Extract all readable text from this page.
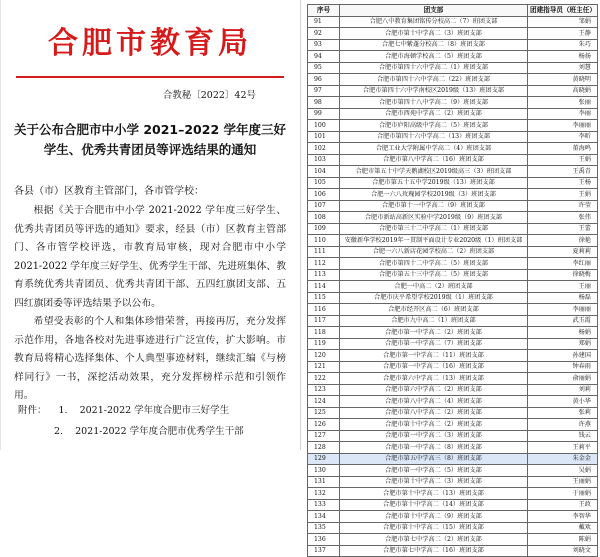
合肥市教育局
合教秘〔2022〕42号
关于公布合肥市中小学 2021–2022 学年度三好
学生、优秀共青团员等评选结果的通知
各县（市）区教育主管部门，各市管学校：

根据《关于合肥市中小学 2021-2022 学年度三好学生、优秀共青团员等评选的通知》要求，经县（市）区教育主管部门、各市管学校评选，市教育局审核，现对合肥市中小学 2021-2022 学年度三好学生、优秀学生干部、先进班集体、教育系统优秀共青团员、优秀共青团干部、五四红旗团支部、五四红旗团委等评选结果予以公布。

希望受表彰的个人和集体珍惜荣誉，再接再厉，充分发挥示范作用，各地各校对先进事迹进行广泛宣传，扩大影响。市教育局将精心选择集体、个人典型事迹材料，继续汇编《与榜样同行》一书，深挖活动效果，充分发挥榜样示范和引领作用。

附件： 1. 2021-2022 学年度合肥市三好学生
2. 2021-2022 学年度合肥市优秀学生干部
序号	团支部	团建指导员（班主任）
91	合肥八中教育集团铭传分校高二（7）班团支部	邹娟
92	合肥市第十中学高二（3）班团支部	王静
93	合肥七中紫蓬分校高二（8）班团支部	朱巧
94	合肥市海顿学校高二（5）班团支部	杨扬
95	合肥市第四十六中学高二（1）班团支部	刘慧
96	合肥市第四十六中学高二（22）班团支部	黄晓明
97	合肥市第四十六中学南校区2019级（13）班团支部	高晓娟
98	合肥市第四十八中学高二（9）班团支部	张丽
99	合肥市西苑中学高二（2）班团支部	李丽
100	合肥市庐阳高级中学高二（5）班团支部	李丽丽
101	合肥市第四十六中学高二（13）班团支部	李昕
102	合肥工业大学附属中学高二（4）班团支部	董海鸣
103	合肥市第八中学高二（16）班团支部	王娟
104	合肥市第五十中学天鹅湖校区2019级高三（3）班团支部	王禹青
105	合肥市第五十五中学2019级（13）班团支部	王杨
106	合肥一六八玫瑰园学校2019级（3）班团支部	王娟
107	合肥市第十一中学高二（9）班团支部	许莹
108	合肥市新站高新区实验中学2019级（9）班团支部	张伟
109	合肥市第三十二中学高二（1）班团支部	王蕾
110	安徽新华学校2019年一贯制平面设计专业2020级（1）班团支部	徐艳
111	合肥一六八新店花园学校高二（2）班团支部	夏莉莉
112	合肥市第四十二中学高二（5）班团支部	李红丽
113	合肥市第五十三中学高二（5）班团支部	徐晓梅
114	合肥一中高二（2）班团支部	王丽
115	合肥市庆平希望学校2019级（1）班团支部	杨磊
116	合肥市经开区高二（6）班团支部	李丽丽
117	合肥市九中高二（1）班团支部	武玉霞
118	合肥市第一中学高二（2）班团支部	杨娟
119	合肥市第一中学高二（7）班团支部	郑娟
120	合肥市第一中学高二（11）班团支部	孙建国
121	合肥市第一中学高二（16）班团支部	钟春雨
122	合肥市第六中学高二（13）班团支部	俞丽娟
123	合肥市第六中学高二（2）班团支部	刘莉
124	合肥市第八中学高二（4）班团支部	黄小华
125	合肥市第八中学高二（2）班团支部	张莉
126	合肥市第十中学高二（2）班团支部	许燕
127	合肥市第一中学高二（3）班团支部	钱云
128	合肥市第一中学高二（8）班团支部	王莉平
129	合肥市第五中学高三（8）班团支部	朱金金
130	合肥市第一中学高二（5）班团支部	吴娟
131	合肥市第十中学高二（3）班团支部	王丽娟
132	合肥市第十中学高二（13）班团支部	于丽娟
133	合肥市第十中学高二（14）班团支部	王政
134	合肥市第十中学高二（9）班团支部	李智华
135	合肥市第十中学高二（15）班团支部	戴欢
136	合肥市第七中学高二（2）班团支部	陈娟
137	合肥市第七中学高二（16）班团支部	刘晓文
